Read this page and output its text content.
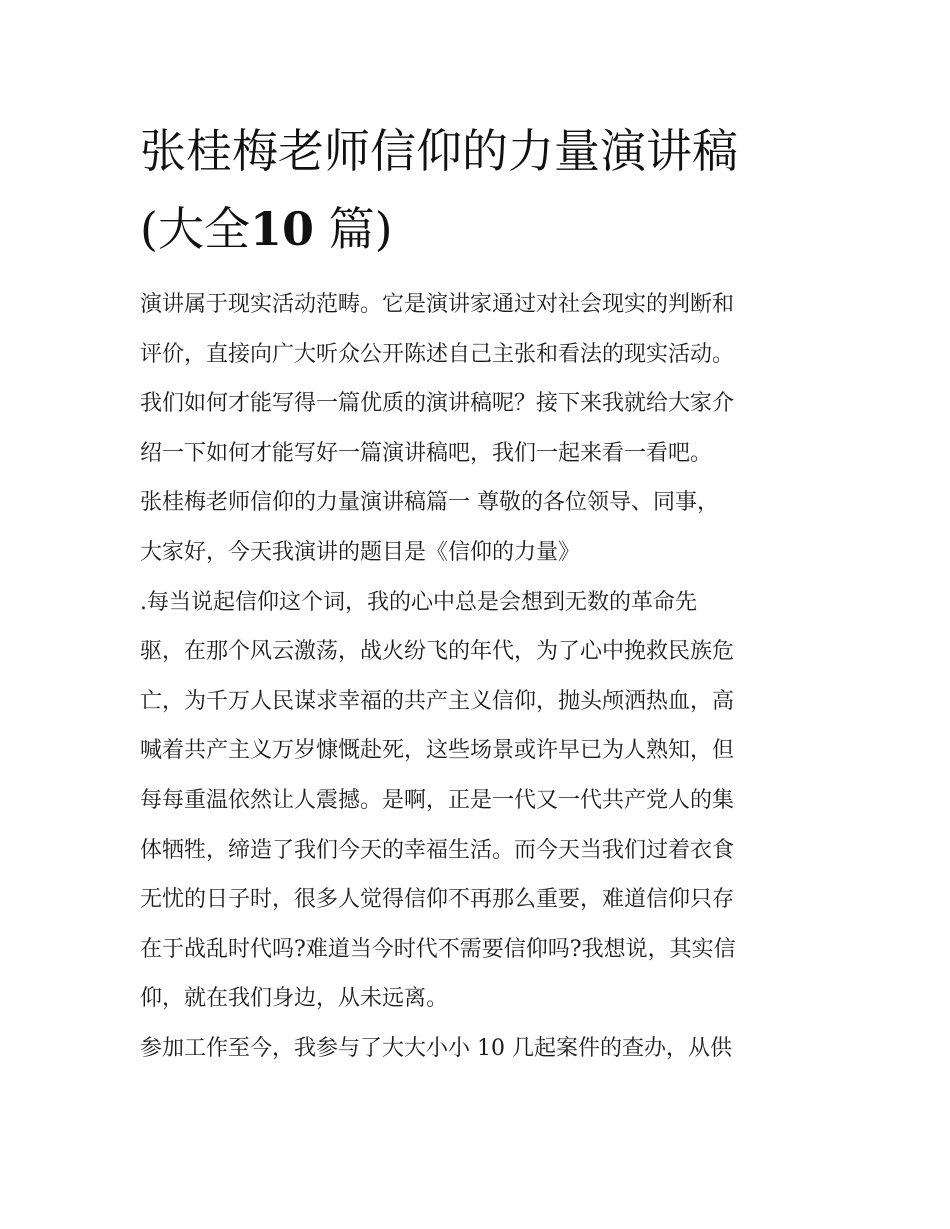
张桂梅老师信仰的力量演讲稿
(大全10 篇)
演讲属于现实活动范畴。它是演讲家通过对社会现实的判断和
评价，直接向广大听众公开陈述自己主张和看法的现实活动。
我们如何才能写得一篇优质的演讲稿呢？接下来我就给大家介
绍一下如何才能写好一篇演讲稿吧，我们一起来看一看吧。
张桂梅老师信仰的力量演讲稿篇一 尊敬的各位领导、同事，
大家好，今天我演讲的题目是《信仰的力量》
.每当说起信仰这个词，我的心中总是会想到无数的革命先
驱，在那个风云激荡，战火纷飞的年代，为了心中挽救民族危
亡，为千万人民谋求幸福的共产主义信仰，抛头颅洒热血，高
喊着共产主义万岁慷慨赴死，这些场景或许早已为人熟知，但
每每重温依然让人震撼。是啊，正是一代又一代共产党人的集
体牺牲，缔造了我们今天的幸福生活。而今天当我们过着衣食
无忧的日子时，很多人觉得信仰不再那么重要，难道信仰只存
在于战乱时代吗?难道当今时代不需要信仰吗?我想说，其实信
仰，就在我们身边，从未远离。
参加工作至今，我参与了大大小小 10 几起案件的查办，从供
